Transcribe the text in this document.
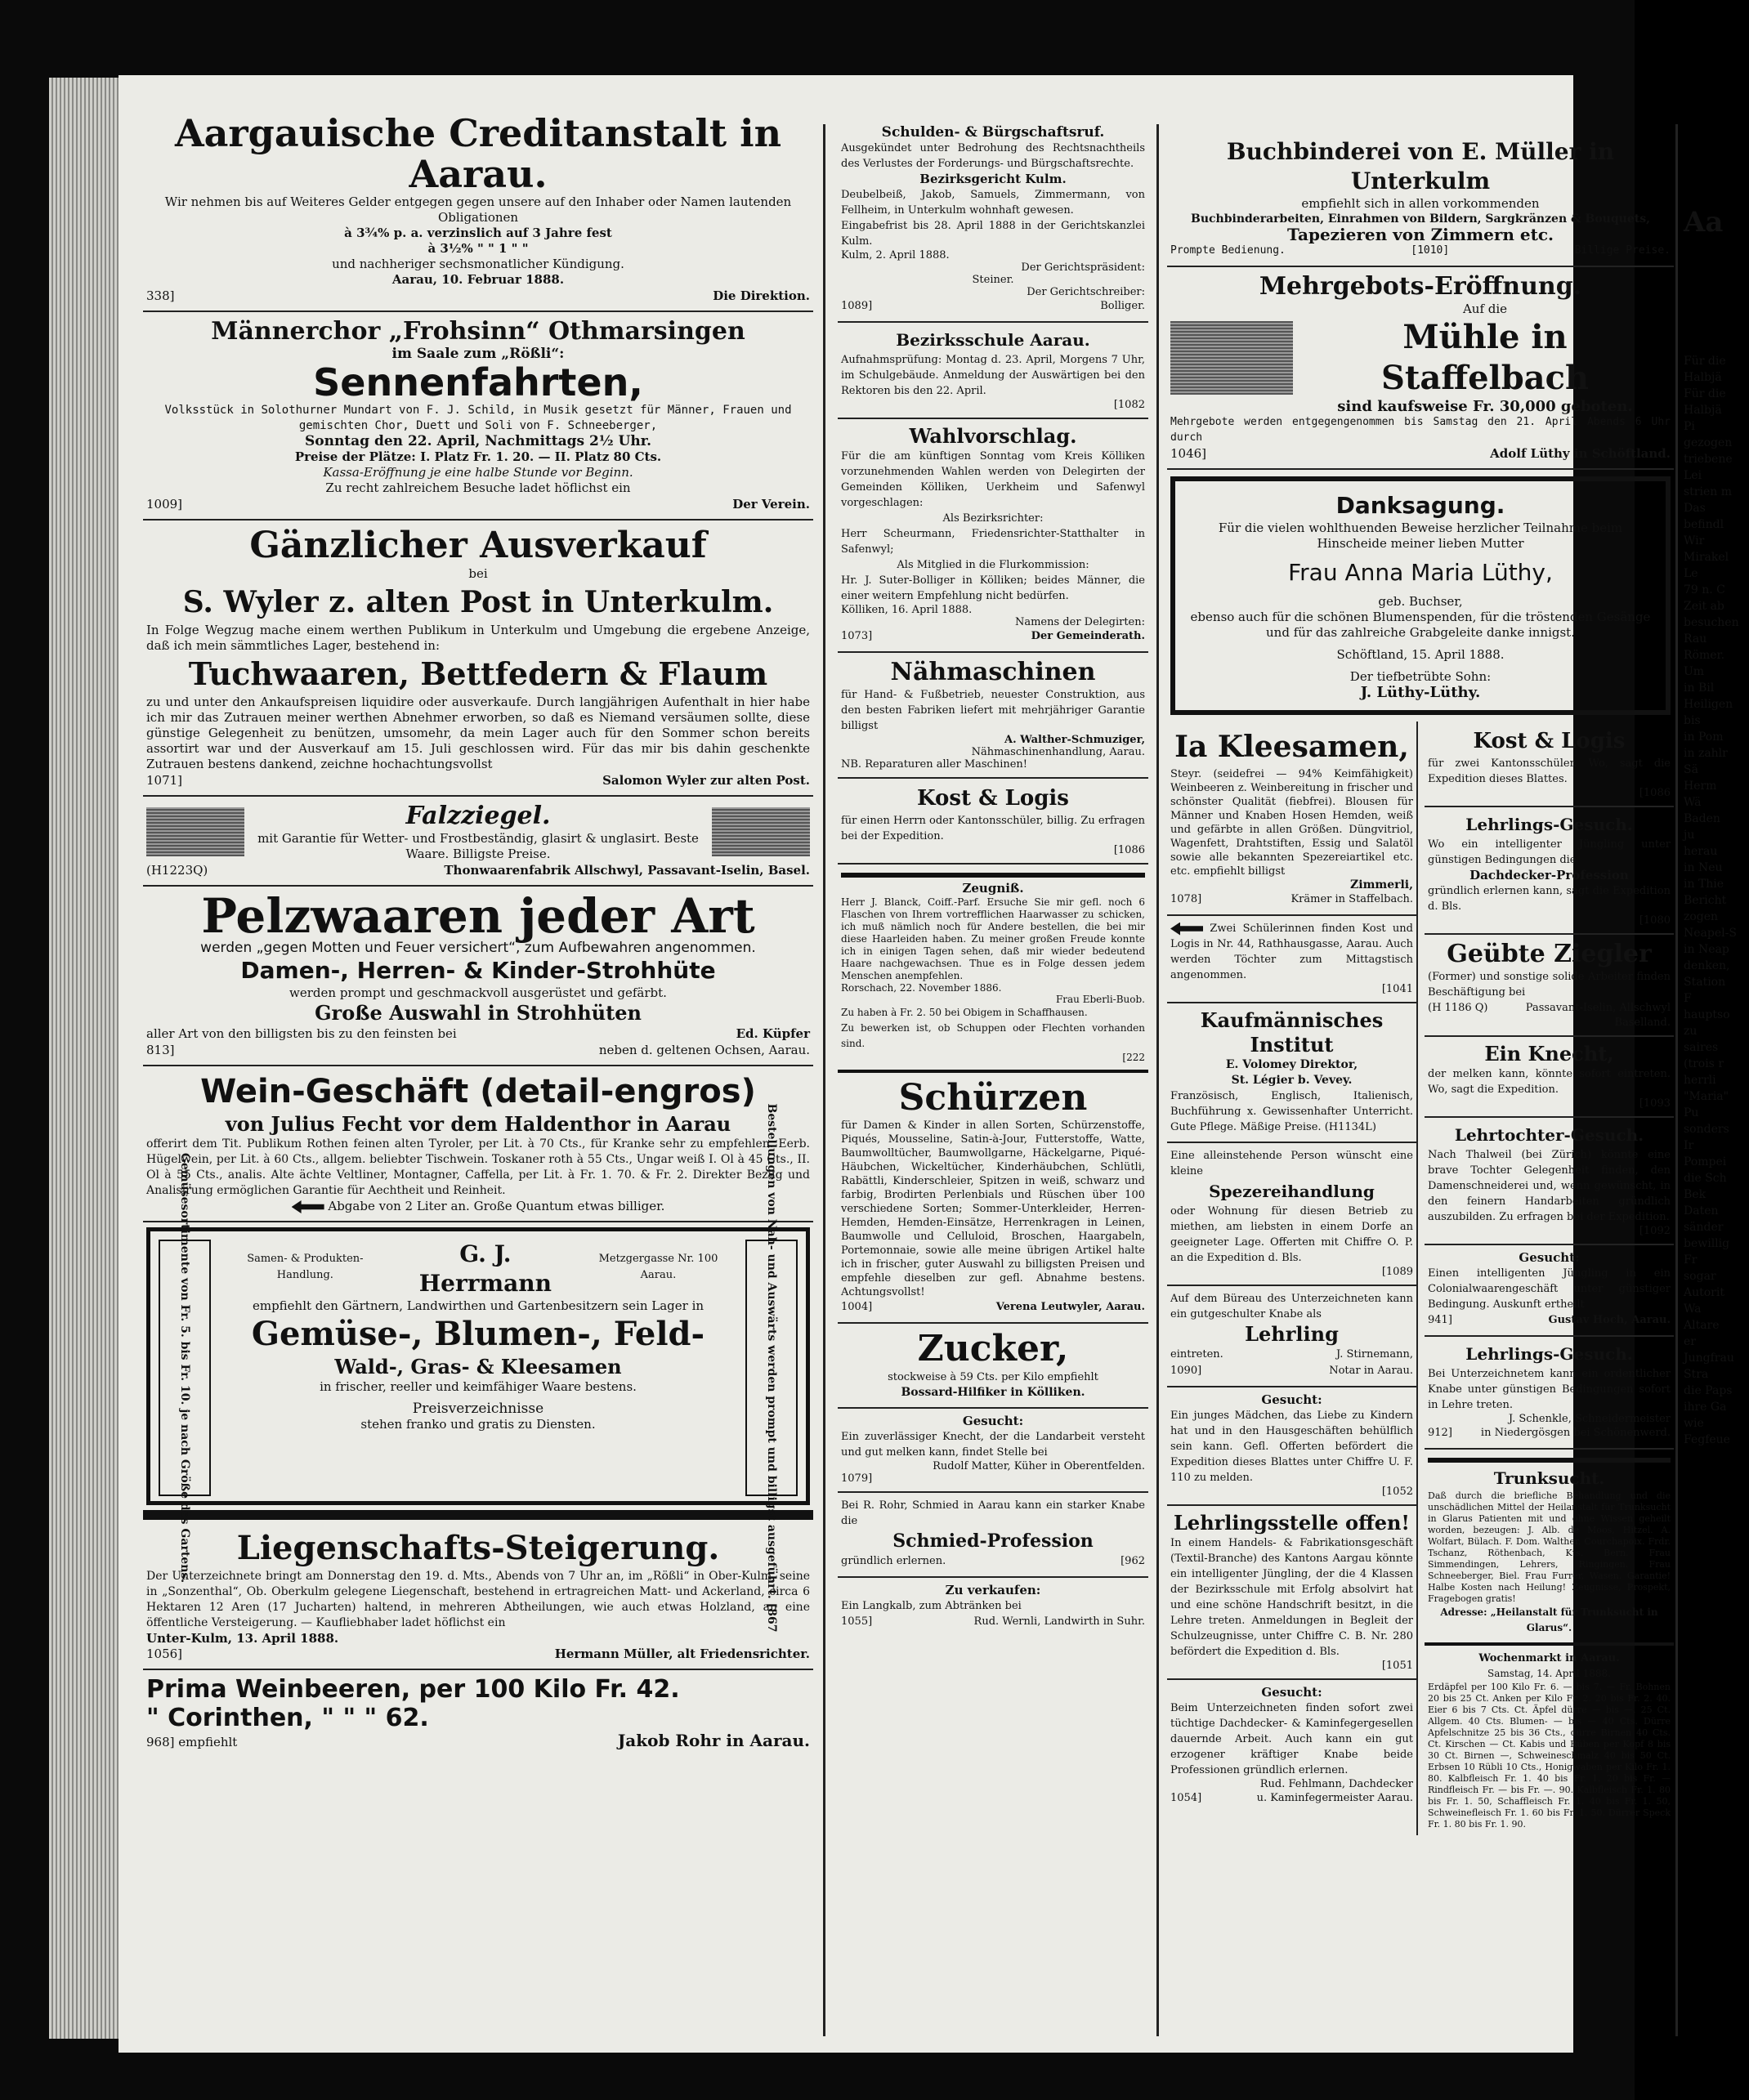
Aargauische Creditanstalt in Aarau.
Wir nehmen bis auf Weiteres Gelder entgegen gegen unsere auf den Inhaber oder Namen lautenden Obligationen
à 3¾% p. a. verzinslich auf 3 Jahre fest
à 3½% " " 1 " "
und nachheriger sechsmonatlicher Kündigung.
Aarau, 10. Februar 1888.
338]	Die Direktion.
Männerchor „Frohsinn“ Othmarsingen
im Saale zum „Rößli“:
Sennenfahrten,
Volksstück in Solothurner Mundart von F. J. Schild, in Musik gesetzt für Männer, Frauen und gemischten Chor, Duett und Soli von F. Schneeberger,
Sonntag den 22. April, Nachmittags 2½ Uhr.
Preise der Plätze: I. Platz Fr. 1. 20. — II. Platz 80 Cts.
Kassa-Eröffnung je eine halbe Stunde vor Beginn.
Zu recht zahlreichem Besuche ladet höflichst ein
1009]	Der Verein.
Gänzlicher Ausverkauf
bei
S. Wyler z. alten Post in Unterkulm.
In Folge Wegzug mache einem werthen Publikum in Unterkulm und Umgebung die ergebene Anzeige, daß ich mein sämmtliches Lager, bestehend in:
Tuchwaaren, Bettfedern & Flaum
zu und unter den Ankaufspreisen liquidire oder ausverkaufe. Durch langjährigen Aufenthalt in hier habe ich mir das Zutrauen meiner werthen Abnehmer erworben, so daß es Niemand versäumen sollte, diese günstige Gelegenheit zu benützen, umsomehr, da mein Lager auch für den Sommer schon bereits assortirt war und der Ausverkauf am 15. Juli geschlossen wird. Für das mir bis dahin geschenkte Zutrauen bestens dankend, zeichne hochachtungsvollst
1071]	Salomon Wyler zur alten Post.
Falzziegel.
mit Garantie für Wetter- und Frostbeständig, glasirt & unglasirt. Beste Waare. Billigste Preise.
(H1223Q)	Thonwaarenfabrik Allschwyl, Passavant-Iselin, Basel.
Pelzwaaren jeder Art
werden „gegen Motten und Feuer versichert“, zum Aufbewahren angenommen.
Damen-, Herren- & Kinder-Strohhüte
werden prompt und geschmackvoll ausgerüstet und gefärbt.
Große Auswahl in Strohhüten
aller Art von den billigsten bis zu den feinsten bei	Ed. Küpfer
813]	neben d. geltenen Ochsen, Aarau.
Wein-Geschäft (detail-engros)
von Julius Fecht vor dem Haldenthor in Aarau
offerirt dem Tit. Publikum Rothen feinen alten Tyroler, per Lit. à 70 Cts., für Kranke sehr zu empfehlen. Eerb. Hügelwein, per Lit. à 60 Cts., allgem. beliebter Tischwein. Toskaner roth à 55 Cts., Ungar weiß I. Ol à 45 Cts., II. Ol à 55 Cts., analis. Alte ächte Veltliner, Montagner, Caffella, per Lit. à Fr. 1. 70. & Fr. 2. Direkter Bezug und Analisirung ermöglichen Garantie für Aechtheit und Reinheit.
Abgabe von 2 Liter an. Große Quantum etwas billiger.
Gemüsesortimente von Fr. 5. bis Fr. 10. je nach Größe des Gartens.	Samen- & Produkten-Handlung.
G. J. Herrmann
Metzgergasse Nr. 100 Aarau.
empfiehlt den Gärtnern, Landwirthen und Gartenbesitzern sein Lager in
Gemüse-, Blumen-, Feld-
Wald-, Gras- & Kleesamen
in frischer, reeller und keimfähiger Waare bestens.
Preisverzeichnisse
stehen franko und gratis zu Diensten.	Bestellungen von Nah- und Auswärts werden prompt und billigst ausgeführt. [867
Liegenschafts-Steigerung.
Der Unterzeichnete bringt am Donnerstag den 19. d. Mts., Abends von 7 Uhr an, im „Rößli“ in Ober-Kulm, seine in „Sonzenthal“, Ob. Oberkulm gelegene Liegenschaft, bestehend in ertragreichen Matt- und Ackerland, circa 6 Hektaren 12 Aren (17 Jucharten) haltend, in mehreren Abtheilungen, wie auch etwas Holzland, an eine öffentliche Versteigerung. — Kaufliebhaber ladet höflichst ein
Unter-Kulm, 13. April 1888.
1056]	Hermann Müller, alt Friedensrichter.
Prima Weinbeeren, per 100 Kilo Fr. 42.
" Corinthen, " " " 62.
968] empfiehlt	Jakob Rohr in Aarau.
Schulden- & Bürgschaftsruf.
Ausgekündet unter Bedrohung des Rechtsnachtheils des Verlustes der Forderungs- und Bürgschaftsrechte.
Bezirksgericht Kulm.
Deubelbeiß, Jakob, Samuels, Zimmermann, von Fellheim, in Unterkulm wohnhaft gewesen.
Eingabefrist bis 28. April 1888 in der Gerichtskanzlei Kulm.
Kulm, 2. April 1888.
Der Gerichtspräsident:
Steiner.
Der Gerichtschreiber:
1089]	Bolliger.
Bezirksschule Aarau.
Aufnahmsprüfung: Montag d. 23. April, Morgens 7 Uhr, im Schulgebäude. Anmeldung der Auswärtigen bei den Rektoren bis den 22. April.
[1082
Wahlvorschlag.
Für die am künftigen Sonntag vom Kreis Kölliken vorzunehmenden Wahlen werden von Delegirten der Gemeinden Kölliken, Uerkheim und Safenwyl vorgeschlagen:
Als Bezirksrichter:
Herr Scheurmann, Friedensrichter-Statthalter in Safenwyl;
Als Mitglied in die Flurkommission:
Hr. J. Suter-Bolliger in Kölliken; beides Männer, die einer weitern Empfehlung nicht bedürfen.
Kölliken, 16. April 1888.
Namens der Delegirten:
1073]	Der Gemeinderath.
Nähmaschinen
für Hand- & Fußbetrieb, neuester Construktion, aus den besten Fabriken liefert mit mehrjähriger Garantie billigst
A. Walther-Schmuziger,
Nähmaschinenhandlung, Aarau.
NB. Reparaturen aller Maschinen!
Kost & Logis
für einen Herrn oder Kantonsschüler, billig. Zu erfragen bei der Expedition.
[1086
Zeugniß.
Herr J. Blanck, Coiff.-Parf. Ersuche Sie mir gefl. noch 6 Flaschen von Ihrem vortrefflichen Haarwasser zu schicken, ich muß nämlich noch für Andere bestellen, die bei mir diese Haarleiden haben. Zu meiner großen Freude konnte ich in einigen Tagen sehen, daß mir wieder bedeutend Haare nachgewachsen. Thue es in Folge dessen jedem Menschen anempfehlen.
Rorschach, 22. November 1886.
Frau Eberli-Buob.
Zu haben à Fr. 2. 50 bei Obigem in Schaffhausen.
Zu bewerken ist, ob Schuppen oder Flechten vorhanden sind.
[222
Schürzen
für Damen & Kinder in allen Sorten, Schürzenstoffe, Piqués, Mousseline, Satin-à-Jour, Futterstoffe, Watte, Baumwolltücher, Baumwollgarne, Häckelgarne, Piqué-Häubchen, Wickeltücher, Kinderhäubchen, Schlütli, Rabättli, Kinderschleier, Spitzen in weiß, schwarz und farbig, Brodirten Perlenbials und Rüschen über 100 verschiedene Sorten; Sommer-Unterkleider, Herren-Hemden, Hemden-Einsätze, Herrenkragen in Leinen, Baumwolle und Celluloid, Broschen, Haargabeln, Portemonnaie, sowie alle meine übrigen Artikel halte ich in frischer, guter Auswahl zu billigsten Preisen und empfehle dieselben zur gefl. Abnahme bestens. Achtungsvollst!
1004]	Verena Leutwyler, Aarau.
Zucker,
stockweise à 59 Cts. per Kilo empfiehlt
Bossard-Hilfiker in Kölliken.
Gesucht:
Ein zuverlässiger Knecht, der die Landarbeit versteht und gut melken kann, findet Stelle bei
Rudolf Matter, Küher in Oberentfelden.
1079]
Bei R. Rohr, Schmied in Aarau kann ein starker Knabe die
Schmied-Profession
gründlich erlernen.	[962
Zu verkaufen:
Ein Langkalb, zum Abtränken bei
1055]	Rud. Wernli, Landwirth in Suhr.
Buchbinderei von E. Müller in Unterkulm
empfiehlt sich in allen vorkommenden
Buchbinderarbeiten, Einrahmen von Bildern, Sargkränzen & Bouquets,
Tapezieren von Zimmern etc.
Prompte Bedienung.	[1010]	Billige Preise.
Mehrgebots-Eröffnung.
Auf die
Mühle in Staffelbach
sind kaufsweise Fr. 30,000 geboten.
Mehrgebote werden entgegengenommen bis Samstag den 21. April Abends 6 Uhr durch
1046]	Adolf Lüthy in Schöftland.
Danksagung.
Für die vielen wohlthuenden Beweise herzlicher Teilnahme beim Hinscheide meiner lieben Mutter
Frau Anna Maria Lüthy,
geb. Buchser,
ebenso auch für die schönen Blumenspenden, für die tröstenden Gesänge und für das zahlreiche Grabgeleite danke innigst.
Schöftland, 15. April 1888.
Der tiefbetrübte Sohn:
J. Lüthy-Lüthy.
Ia Kleesamen,
Steyr. (seidefrei — 94% Keimfähigkeit) Weinbeeren z. Weinbereitung in frischer und schönster Qualität (fiebfrei). Blousen für Männer und Knaben Hosen Hemden, weiß und gefärbte in allen Größen. Düngvitriol, Wagenfett, Drahtstiften, Essig und Salatöl sowie alle bekannten Spezereiartikel etc. etc. empfiehlt billigst
Zimmerli,
1078]	Krämer in Staffelbach.
Zwei Schülerinnen finden Kost und Logis in Nr. 44, Rathhausgasse, Aarau. Auch werden Töchter zum Mittagstisch angenommen.
[1041
Kaufmännisches Institut
E. Volomey Direktor,
St. Légier b. Vevey.
Französisch, Englisch, Italienisch, Buchführung x. Gewissenhafter Unterricht. Gute Pflege. Mäßige Preise. (H1134L)
Eine alleinstehende Person wünscht eine kleine
Spezereihandlung
oder Wohnung für diesen Betrieb zu miethen, am liebsten in einem Dorfe an geeigneter Lage. Offerten mit Chiffre O. P. an die Expedition d. Bls.
[1089
Auf dem Büreau des Unterzeichneten kann ein gutgeschulter Knabe als
Lehrling
eintreten.	J. Stirnemann,
1090]	Notar in Aarau.
Gesucht:
Ein junges Mädchen, das Liebe zu Kindern hat und in den Hausgeschäften behülflich sein kann. Gefl. Offerten befördert die Expedition dieses Blattes unter Chiffre U. F. 110 zu melden.
[1052
Lehrlingsstelle offen!
In einem Handels- & Fabrikationsgeschäft (Textil-Branche) des Kantons Aargau könnte ein intelligenter Jüngling, der die 4 Klassen der Bezirksschule mit Erfolg absolvirt hat und eine schöne Handschrift besitzt, in die Lehre treten. Anmeldungen in Begleit der Schulzeugnisse, unter Chiffre C. B. Nr. 280 befördert die Expedition d. Bls.
[1051
Gesucht:
Beim Unterzeichneten finden sofort zwei tüchtige Dachdecker- & Kaminfegergesellen dauernde Arbeit. Auch kann ein gut erzogener kräftiger Knabe beide Professionen gründlich erlernen.
Rud. Fehlmann, Dachdecker
1054]	u. Kaminfegermeister Aarau.
Kost & Logis
für zwei Kantonsschüler. Wo, sagt die Expedition dieses Blattes.
[1086
Lehrlings-Gesuch.
Wo ein intelligenter Jüngling unter günstigen Bedingungen die
Dachdecker-Profession
gründlich erlernen kann, sagt die Expedition d. Bls.
[1080
Geübte Ziegler
(Former) und sonstige solide Arbeiter finden Beschäftigung bei
(H 1186 Q)	Passavant-Iselin, Allschwyl
Baselland.
Ein Knecht,
der melken kann, könnte sofort eintreten. Wo, sagt die Expedition.
[1093
Lehrtochter-Gesuch.
Nach Thalweil (bei Zürich) könnte eine brave Tochter Gelegenheit finden, den Damenschneiderei und, wenn gewünscht, in den feinern Handarbeiten gründlich auszubilden. Zu erfragen bei der Expedition.
[1092
Gesucht:
Einen intelligenten Jüngling in ein Colonialwaarengeschäft unter günstiger Bedingung. Auskunft ertheilt
941]	Gustav Hoch, Aarau.
Lehrlings-Gesuch.
Bei Unterzeichnetem kann ein ordentlicher Knabe unter günstigen Bedingungen sofort in Lehre treten.
J. Schenkle, Schneidermeister
912]	in Niedergösgen bei Schönenwerd.
Trunksucht.
Daß durch die briefliche Behandlung und die unschädlichen Mittel der Heilanstalt für Trunksucht in Glarus Patienten mit und ohne Wissen geheilt worden, bezeugen: J. Alb. de Moos, Hitzel. A. Wolfart, Bülach. F. Dom. Walther, Courchapoix. Frdr. Tschanz, Röthenbach, Kts. Bern. Frau Simmendingen, Lehrers, Ringingen. Frau Schneeberger, Biel. Frau Furrer, Wasen. Garantie! Halbe Kosten nach Heilung! Zeugnisse, Prospekt, Fragebogen gratis!
Adresse: „Heilanstalt für Trunksucht in Glarus“.
Wochenmarkt in Aarau.
Samstag, 14. April 1888.
Erdäpfel per 100 Kilo Fr. 6. — bis 7. — Fr. Bohnen 20 bis 25 Ct. Anken per Kilo Fr. 2. 20 bis Fr. 2. 40. Eier 6 bis 7 Cts. Ct. Äpfel dürre — bis —. 25 Ct. Allgem. 40 Cts. Blumen- — bis — 40 Cts. Dürre Apfelschnitze 25 bis 36 Cts., dürre Birnen 40 Cts. Ct. Kirschen — Ct. Kabis und Rüben per Kopf 8 bis 30 Ct. Birnen —, Schweineschmalz 40 bis 50 Ct. Erbsen 10 Rübli 10 Cts., Honigwaben per Kilo Fr. 1. 80. Kalbfleisch Fr. 1. 40 bis Fr. 1. 20 bis Fr. — Rindfleisch Fr. — bis Fr. —. 90. Kalbfleisch Fr. 1. 80 bis Fr. 1. 50, Schaffleisch Fr. 1. 40 bis Fr. 1. 50, Schweinefleisch Fr. 1. 60 bis Fr. 1. 50. Dürrer Speck Fr. 1. 80 bis Fr. 1. 90.
Aa
Für die
Halbjä
Für die
Halbjä
Pi
gezogen
triebene
Lei
strien m
Das
befindl
Wir
Mirakel
Le
79 n. C
Zeit ab
besuchen
Rau
Römer.
Um
in Bil
Heiligen
bis
in Pom
in zahlr
Sä
Herm
Wä
Baden
ju
herau
in Neu
in Thie
Bericht
zogen
Neapel-S
in Neap
denken,
Station
F
hauptso
zu
saires
(trois r
herrli
"Maria"
Pu
sonders
Ir
Pompei
die Sch
Bek
Daten
sänder
bewillig
Fr
sogar
Autorit
Wa
Altare
er
Jungfrau
Stra
die Paps
ihre Ga
wie
Fegfeue
